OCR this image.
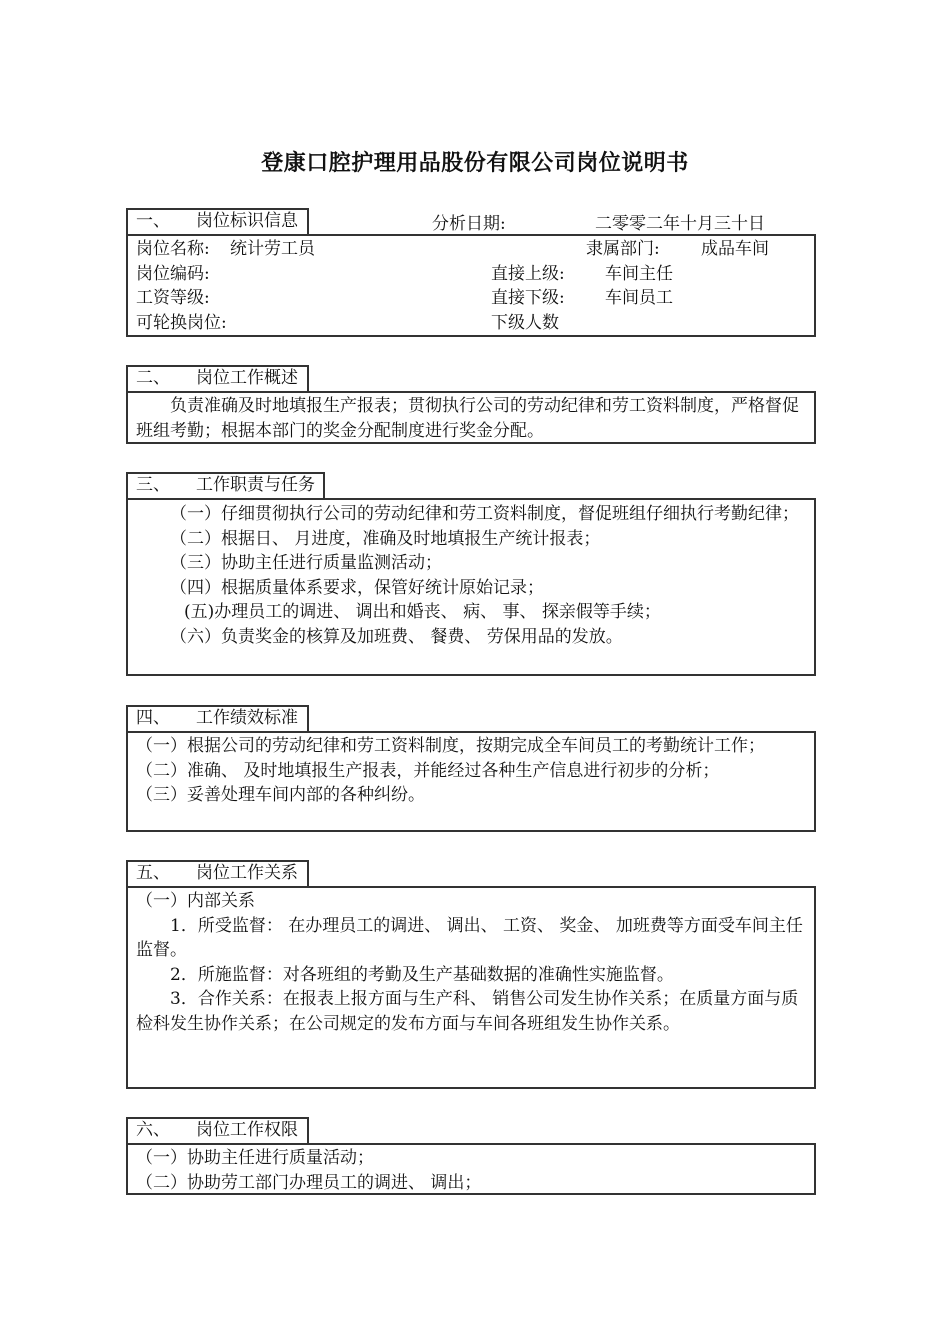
登康口腔护理用品股份有限公司岗位说明书
一、 岗位标识信息	分析日期:	二零零二年十月三十日
岗位名称: 统计劳工员	隶属部门: 成品车间
岗位编码:	直接上级: 车间主任
工资等级:	直接下级: 车间员工
可轮换岗位:	下级人数
二、 岗位工作概述
负责准确及时地填报生产报表；贯彻执行公司的劳动纪律和劳工资料制度，严格督促班组考勤；根据本部门的奖金分配制度进行奖金分配。
三、 工作职责与任务
（一）仔细贯彻执行公司的劳动纪律和劳工资料制度，督促班组仔细执行考勤纪律；
（二）根据日、 月进度，准确及时地填报生产统计报表；
（三）协助主任进行质量监测活动；
（四）根据质量体系要求，保管好统计原始记录；
(五)办理员工的调进、 调出和婚丧、 病、 事、 探亲假等手续；
（六）负责奖金的核算及加班费、 餐费、 劳保用品的发放。
四、 工作绩效标准
（一）根据公司的劳动纪律和劳工资料制度，按期完成全车间员工的考勤统计工作；
（二）准确、 及时地填报生产报表，并能经过各种生产信息进行初步的分析；
（三）妥善处理车间内部的各种纠纷。
五、 岗位工作关系
（一）内部关系
1．所受监督： 在办理员工的调进、 调出、 工资、 奖金、 加班费等方面受车间主任监督。
2．所施监督：对各班组的考勤及生产基础数据的准确性实施监督。
3．合作关系：在报表上报方面与生产科、 销售公司发生协作关系；在质量方面与质检科发生协作关系；在公司规定的发布方面与车间各班组发生协作关系。
六、 岗位工作权限
（一）协助主任进行质量活动；
（二）协助劳工部门办理员工的调进、 调出；
